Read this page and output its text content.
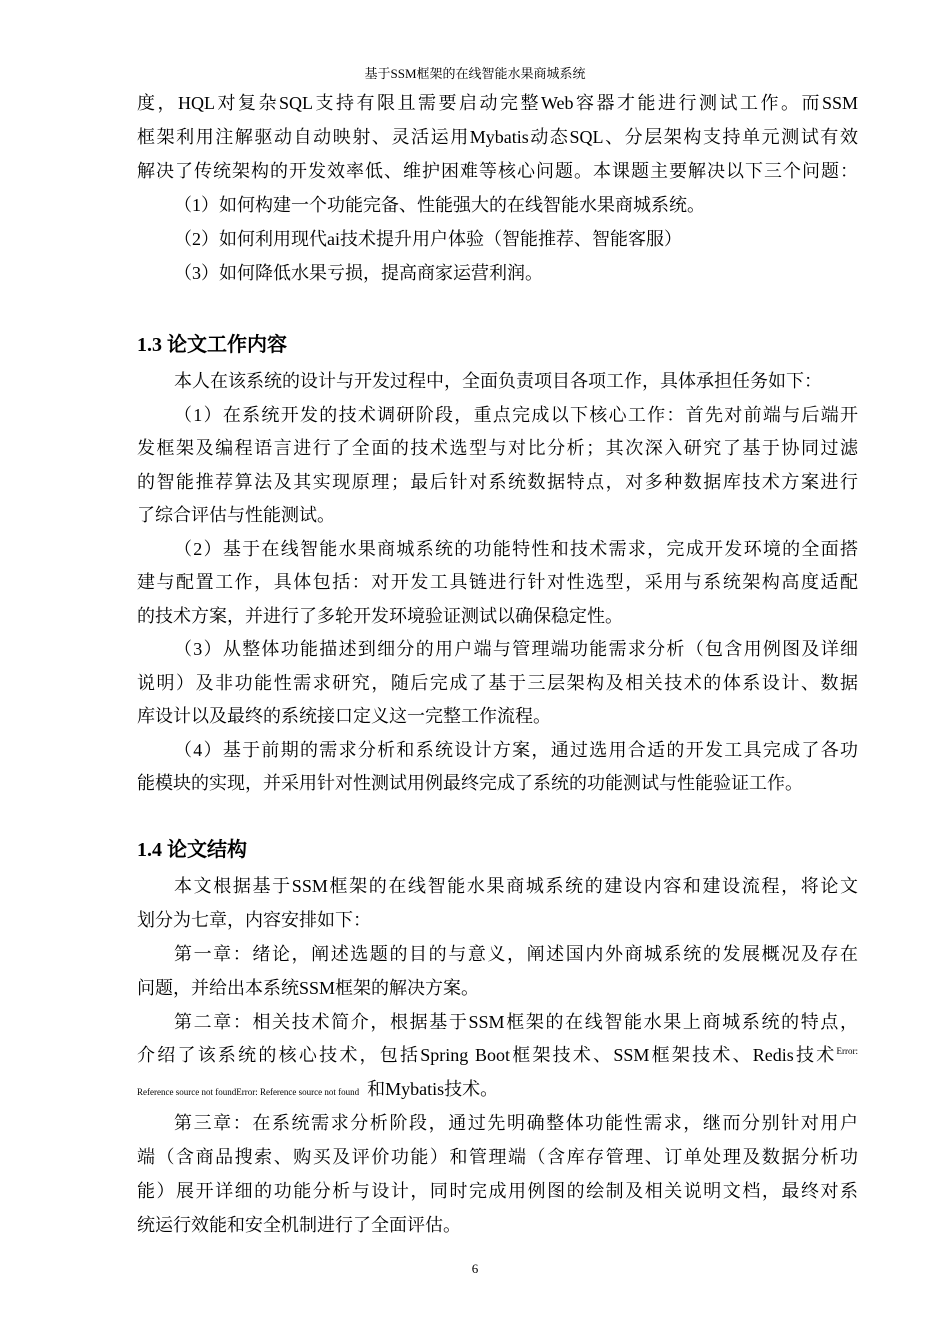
基于SSM框架的在线智能水果商城系统
度，HQL对复杂SQL支持有限且需要启动完整Web容器才能进行测试工作。而SSM
框架利用注解驱动自动映射、灵活运用Mybatis动态SQL、分层架构支持单元测试有效
解决了传统架构的开发效率低、维护困难等核心问题。本课题主要解决以下三个问题：
（1）如何构建一个功能完备、性能强大的在线智能水果商城系统。
（2）如何利用现代ai技术提升用户体验（智能推荐、智能客服）
（3）如何降低水果亏损，提高商家运营利润。
1.3 论文工作内容
本人在该系统的设计与开发过程中，全面负责项目各项工作，具体承担任务如下：
（1）在系统开发的技术调研阶段，重点完成以下核心工作：首先对前端与后端开
发框架及编程语言进行了全面的技术选型与对比分析；其次深入研究了基于协同过滤
的智能推荐算法及其实现原理；最后针对系统数据特点，对多种数据库技术方案进行
了综合评估与性能测试。
（2）基于在线智能水果商城系统的功能特性和技术需求，完成开发环境的全面搭
建与配置工作，具体包括：对开发工具链进行针对性选型，采用与系统架构高度适配
的技术方案，并进行了多轮开发环境验证测试以确保稳定性。
（3）从整体功能描述到细分的用户端与管理端功能需求分析（包含用例图及详细
说明）及非功能性需求研究，随后完成了基于三层架构及相关技术的体系设计、数据
库设计以及最终的系统接口定义这一完整工作流程。
（4）基于前期的需求分析和系统设计方案，通过选用合适的开发工具完成了各功
能模块的实现，并采用针对性测试用例最终完成了系统的功能测试与性能验证工作。
1.4 论文结构
本文根据基于SSM框架的在线智能水果商城系统的建设内容和建设流程，将论文
划分为七章，内容安排如下：
第一章：绪论，阐述选题的目的与意义，阐述国内外商城系统的发展概况及存在
问题，并给出本系统SSM框架的解决方案。
第二章：相关技术简介，根据基于SSM框架的在线智能水果上商城系统的特点，
介绍了该系统的核心技术，包括Spring Boot框架技术、SSM框架技术、Redis技术$^{Error:}$
Reference source not foundError: Reference source not found 和Mybatis技术。
第三章：在系统需求分析阶段，通过先明确整体功能性需求，继而分别针对用户
端（含商品搜索、购买及评价功能）和管理端（含库存管理、订单处理及数据分析功
能）展开详细的功能分析与设计，同时完成用例图的绘制及相关说明文档，最终对系
统运行效能和安全机制进行了全面评估。
6
